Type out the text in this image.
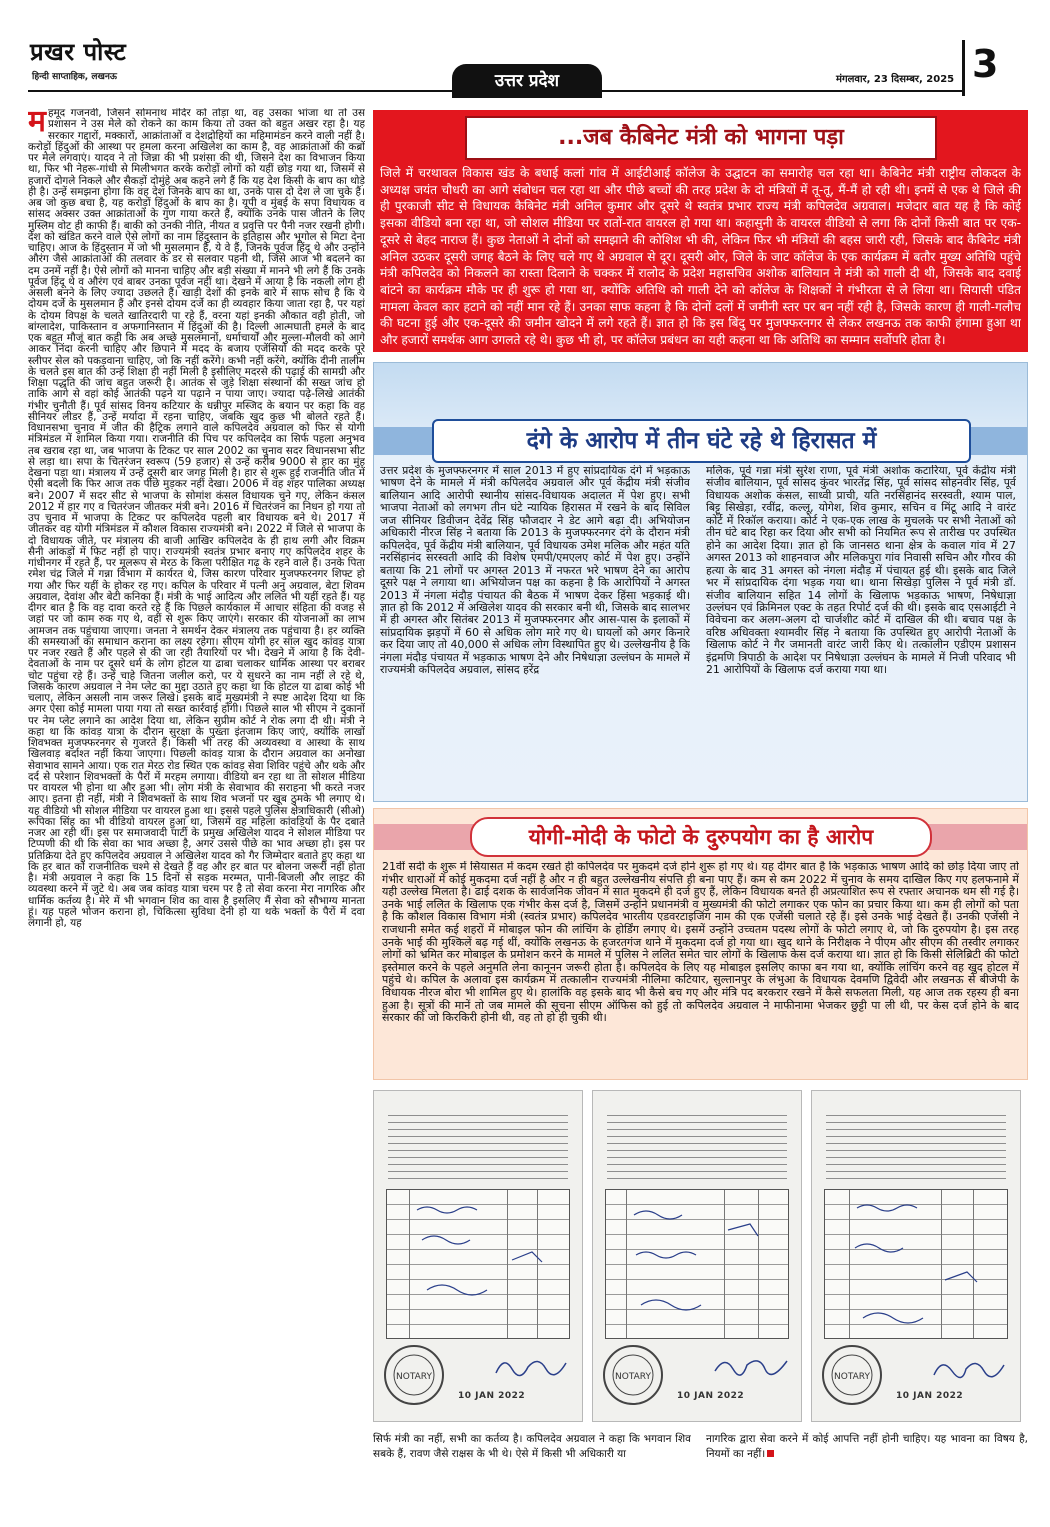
प्रखर पोस्ट
हिन्दी साप्ताहिक, लखनऊ	उत्तर प्रदेश	मंगलवार, 23 दिसम्बर, 2025 3
महमूद गजनवी, जिसने सोमनाथ मंदिर को तोड़ा था, वह उसका भांजा था तो उस प्रशासन ने उस मेले को रोकने का काम किया तो उक्त को बहुत अखर रहा है। यह सरकार गद्दारों, मक्कारों, आक्रांताओं व देशद्रोहियों का महिमामंडन करने वाली नहीं है। करोड़ों हिंदुओं की आस्था पर हमला करना अखिलेश का काम है, वह आक्रांताओं की कब्रों पर मेले लगवाएं। यादव ने तो जिन्ना की भी प्रशंसा की थी, जिसने देश का विभाजन किया था, फिर भी नेहरू-गांधी से मिलीभगत करके करोड़ों लोगों को यहीं छोड़ गया था, जिसमें से हजारों दोगले निकले और सैकड़ों दोमुंहे अब कहने लगे हैं कि यह देश किसी के बाप का थोड़े ही है। उन्हें समझना होगा कि वह देश जिनके बाप का था, उनके पास दो देश ले जा चुके हैं। अब जो कुछ बचा है, यह करोड़ों हिंदुओं के बाप का है। यूपी व मुंबई के सपा विधायक व सांसद अक्सर उक्त आक्रांताओं के गुण गाया करते हैं, क्योंकि उनके पास जीतने के लिए मुस्लिम वोट ही काफी हैं। बाकी को उनकी नीति, नीयत व प्रवृत्ति पर पैनी नजर रखनी होगी। देश को खंडित करने वाले ऐसे लोगों का नाम हिंदुस्तान के इतिहास और भूगोल से मिटा देना चाहिए। आज के हिंदुस्तान में जो भी मुसलमान हैं, ये वे हैं, जिनके पूर्वज हिंदू थे और उन्होंने औरंग जैसे आक्रांताओं की तलवार के डर से सलवार पहनी थी, जिसे आज भी बदलने का दम उनमें नहीं है। ऐसे लोगों को मानना चाहिए और बड़ी संख्या में मानने भी लगे हैं कि उनके पूर्वज हिंदू थे व औरंग एवं बाबर उनका पूर्वज नहीं था। देखने में आया है कि नकली लोग ही असली बनने के लिए ज्यादा उछलते हैं। खाड़ी देशों की इनके बारे में साफ सोच है कि ये दोयम दर्जे के मुसलमान हैं और इनसे दोयम दर्जे का ही व्यवहार किया जाता रहा है, पर यहां के दोयम विपक्ष के चलते खातिरदारी पा रहे हैं, वरना यहां इनकी औकात वही होती, जो बांग्लादेश, पाकिस्तान व अफगानिस्तान में हिंदुओं की है। दिल्ली आत्मघाती हमले के बाद एक बहुत मौजूं बात कही कि अब अच्छे मुसलमानों, धर्माचार्यों और मुल्ला-मौलवी को आगे आकर निंदा करनी चाहिए और छिपाने में मदद के बजाय एजेंसियों की मदद करके पूरे स्लीपर सेल को पकड़वाना चाहिए, जो कि नहीं करेंगे। कभी नहीं करेंगे, क्योंकि दीनी तालीम के चलते इस बात की उन्हें शिक्षा ही नहीं मिली है इसीलिए मदरसे की पढ़ाई की सामग्री और शिक्षा पद्धति की जांच बहुत जरूरी है। आतंक से जुड़े शिक्षा संस्थानों की सख्त जांच हो ताकि आगे से वहां कोई आतंकी पढ़ने या पढ़ाने न पाया जाए। ज्यादा पढ़े-लिखे आतंकी गंभीर चुनौती हैं। पूर्व सांसद विनय कटियार के धन्नीपुर मस्जिद के बयान पर कहा कि वह सीनियर लीडर हैं, उन्हें मर्यादा में रहना चाहिए, जबकि खुद कुछ भी बोलते रहते हैं। विधानसभा चुनाव में जीत की हैट्रिक लगाने वाले कपिलदेव अग्रवाल को फिर से योगी मंत्रिमंडल में शामिल किया गया। राजनीति की पिच पर कपिलदेव का सिर्फ पहला अनुभव तब खराब रहा था, जब भाजपा के टिकट पर साल 2002 का चुनाव सदर विधानसभा सीट से लड़ा था। सपा के चितरंजन स्वरूप (59 हजार) से उन्हें करीब 9000 से हार का मुंह देखना पड़ा था। मंत्रालय में उन्हें दूसरी बार जगह मिली है। हार से शुरू हुई राजनीति जीत में ऐसी बदली कि फिर आज तक पीछे मुड़कर नहीं देखा। 2006 में वह शहर पालिका अध्यक्ष बने। 2007 में सदर सीट से भाजपा के सोमांश कंसल विधायक चुने गए, लेकिन कंसल 2012 में हार गए व चितरंजन जीतकर मंत्री बने। 2016 में चितरंजन का निधन हो गया तो उप चुनाव में भाजपा के टिकट पर कपिलदेव पहली बार विधायक बने थे। 2017 में जीतकर वह योगी मंत्रिमंडल में कौशल विकास राज्यमंत्री बने। 2022 में जिले से भाजपा के दो विधायक जीते, पर मंत्रालय की बाजी आखिर कपिलदेव के ही हाथ लगी और विक्रम सैनी आंकड़ों में फिट नहीं हो पाए। राज्यमंत्री स्वतंत्र प्रभार बनाए गए कपिलदेव शहर के गांधीनगर में रहते हैं, पर मूलरूप से मेरठ के किला परीक्षित गढ़ के रहने वाले हैं। उनके पिता रमेश चंद्र जिले में गन्ना विभाग में कार्यरत थे, जिस कारण परिवार मुजफ्फरनगर शिफ्ट हो गया और फिर यहीं के होकर रह गए। कपिल के परिवार में पत्नी अनु अग्रवाल, बेटा शिवम अग्रवाल, देवांश और बेटी कनिका हैं। मंत्री के भाई आदित्य और ललित भी यहीं रहते हैं। यह दीगर बात है कि वह दावा करते रहे हैं कि पिछले कार्यकाल में आचार संहिता की वजह से जहां पर जो काम रुक गए थे, वहीं से शुरू किए जाएंगे। सरकार की योजनाओं का लाभ आमजन तक पहुंचाया जाएगा। जनता ने समर्थन देकर मंत्रालय तक पहुंचाया है। हर व्यक्ति की समस्याओं का समाधान कराना का लक्ष्य रहेगा। सीएम योगी हर साल खुद कांवड़ यात्रा पर नजर रखते हैं और पहले से की जा रही तैयारियों पर भी। देखने में आया है कि देवी-देवताओं के नाम पर दूसरे धर्म के लोग होटल या ढाबा चलाकर धार्मिक आस्था पर बराबर चोट पहुंचा रहे हैं। उन्हें चाहे जितना जलील करो, पर ये सुधरने का नाम नहीं ले रहे थे, जिसके कारण अग्रवाल ने नेम प्लेट का मुद्दा उठाते हुए कहा था कि होटल या ढाबा कोई भी चलाए, लेकिन असली नाम जरूर लिखे। इसके बाद मुख्यमंत्री ने स्पष्ट आदेश दिया था कि अगर ऐसा कोई मामला पाया गया तो सख्त कार्रवाई होगी। पिछले साल भी सीएम ने दुकानों पर नेम प्लेट लगाने का आदेश दिया था, लेकिन सुप्रीम कोर्ट ने रोक लगा दी थी। मंत्री ने कहा था कि कांवड़ यात्रा के दौरान सुरक्षा के पुख्ता इंतजाम किए जाएं, क्योंकि लाखों शिवभक्त मुजफ्फरनगर से गुजरते हैं। किसी भी तरह की अव्यवस्था व आस्था के साथ खिलवाड़ बर्दाश्त नहीं किया जाएगा। पिछली कांवड़ यात्रा के दौरान अग्रवाल का अनोखा सेवाभाव सामने आया। एक रात मेरठ रोड स्थित एक कांवड़ सेवा शिविर पहुंचे और थके और दर्द से परेशान शिवभक्तों के पैरों में मरहम लगाया। वीडियो बन रहा था तो सोशल मीडिया पर वायरल भी होना था और हुआ भी। लोग मंत्री के सेवाभाव की सराहना भी करते नजर आए। इतना ही नहीं, मंत्री ने शिवभक्तों के साथ शिव भजनों पर खूब ठुमके भी लगाए थे। यह वीडियो भी सोशल मीडिया पर वायरल हुआ था। इससे पहले पुलिस क्षेत्राधिकारी (सीओ) रूपिका सिंह का भी वीडियो वायरल हुआ था, जिसमें वह महिला कांवड़ियों के पैर दबाते नजर आ रही थीं। इस पर समाजवादी पार्टी के प्रमुख अखिलेश यादव ने सोशल मीडिया पर टिप्पणी की थी कि सेवा का भाव अच्छा है, अगर उससे पीछे का भाव अच्छा हो। इस पर प्रतिक्रिया देते हुए कपिलदेव अग्रवाल ने अखिलेश यादव को गैर जिम्मेदार बताते हुए कहा था कि हर बात को राजनीतिक चश्मे से देखते हैं वह और हर बात पर बोलना जरूरी नहीं होता है। मंत्री अग्रवाल ने कहा कि 15 दिनों से सड़क मरम्मत, पानी-बिजली और लाइट की व्यवस्था करने में जुटे थे। अब जब कांवड़ यात्रा चरम पर है तो सेवा करना मेरा नागरिक और धार्मिक कर्तव्य है। मेरे में भी भगवान शिव का वास है इसलिए मैं सेवा को सौभाग्य मानता हूं। यह पहले भोजन कराना हो, चिकित्सा सुविधा देनी हो या थके भक्तों के पैरों में दवा लगानी हो, यह
...जब कैबिनेट मंत्री को भागना पड़ा
जिले में चरथावल विकास खंड के बधाई कलां गांव में आईटीआई कॉलेज के उद्घाटन का समारोह चल रहा था। कैबिनेट मंत्री राष्ट्रीय लोकदल के अध्यक्ष जयंत चौधरी का आगे संबोधन चल रहा था और पीछे बच्चों की तरह प्रदेश के दो मंत्रियों में तू-तू, मैं-मैं हो रही थी। इनमें से एक थे जिले की ही पुरकाजी सीट से विधायक कैबिनेट मंत्री अनिल कुमार और दूसरे थे स्वतंत्र प्रभार राज्य मंत्री कपिलदेव अग्रवाल। मजेदार बात यह है कि कोई इसका वीडियो बना रहा था, जो सोशल मीडिया पर रातों-रात वायरल हो गया था। कहासुनी के वायरल वीडियो से लगा कि दोनों किसी बात पर एक-दूसरे से बेहद नाराज हैं। कुछ नेताओं ने दोनों को समझाने की कोशिश भी की, लेकिन फिर भी मंत्रियों की बहस जारी रही, जिसके बाद कैबिनेट मंत्री अनिल उठकर दूसरी जगह बैठने के लिए चले गए थे अग्रवाल से दूर। दूसरी ओर, जिले के जाट कॉलेज के एक कार्यक्रम में बतौर मुख्य अतिथि पहुंचे मंत्री कपिलदेव को निकलने का रास्ता दिलाने के चक्कर में रालोद के प्रदेश महासचिव अशोक बालियान ने मंत्री को गाली दी थी, जिसके बाद दवाई बांटने का कार्यक्रम मौके पर ही शुरू हो गया था, क्योंकि अतिथि को गाली देने को कॉलेज के शिक्षकों ने गंभीरता से ले लिया था। सियासी पंडित मामला केवल कार हटाने को नहीं मान रहे हैं। उनका साफ कहना है कि दोनों दलों में जमीनी स्तर पर बन नहीं रही है, जिसके कारण ही गाली-गलौच की घटना हुई और एक-दूसरे की जमीन खोदने में लगे रहते हैं। ज्ञात हो कि इस बिंदु पर मुजफ्फरनगर से लेकर लखनऊ तक काफी हंगामा हुआ था और हजारों समर्थक आग उगलते रहे थे। कुछ भी हो, पर कॉलेज प्रबंधन का यही कहना था कि अतिथि का सम्मान सर्वोपरि होता है।
दंगे के आरोप में तीन घंटे रहे थे हिरासत में
उत्तर प्रदेश के मुजफ्फरनगर में साल 2013 में हुए सांप्रदायिक दंगे में भड़काऊ भाषण देने के मामले में मंत्री कपिलदेव अग्रवाल और पूर्व केंद्रीय मंत्री संजीव बालियान आदि आरोपी स्थानीय सांसद-विधायक अदालत में पेश हुए। सभी भाजपा नेताओं को लगभग तीन घंटे न्यायिक हिरासत में रखने के बाद सिविल जज सीनियर डिवीजन देवेंद्र सिंह फौजदार ने डेट आगे बढ़ा दी। अभियोजन अधिकारी नीरज सिंह ने बताया कि 2013 के मुजफ्फरनगर दंगे के दौरान मंत्री कपिलदेव, पूर्व केंद्रीय मंत्री बालियान, पूर्व विधायक उमेश मलिक और महंत यति नरसिंहानंद सरस्वती आदि की विशेष एमपी/एमएलए कोर्ट में पेश हुए। उन्होंने बताया कि 21 लोगों पर अगस्त 2013 में नफरत भरे भाषण देने का आरोप दूसरे पक्ष ने लगाया था। अभियोजन पक्ष का कहना है कि आरोपियों ने अगस्त 2013 में नंगला मंदौड़ पंचायत की बैठक में भाषण देकर हिंसा भड़काई थी। ज्ञात हो कि 2012 में अखिलेश यादव की सरकार बनी थी, जिसके बाद सालभर में ही अगस्त और सितंबर 2013 में मुजफ्फरनगर और आस-पास के इलाकों में सांप्रदायिक झड़पों में 60 से अधिक लोग मारे गए थे। घायलों को अगर किनारे कर दिया जाए तो 40,000 से अधिक लोग विस्थापित हुए थे। उल्लेखनीय है कि नंगला मंदौड़ पंचायत में भड़काऊ भाषण देने और निषेधाज्ञा उल्लंघन के मामले में राज्यमंत्री कपिलदेव अग्रवाल, सांसद हरेंद्र
मलिक, पूर्व गन्ना मंत्री सुरेश राणा, पूर्व मंत्री अशोक कटारिया, पूर्व केंद्रीय मंत्री संजीव बालियान, पूर्व सांसद कुंवर भारतेंद्र सिंह, पूर्व सांसद सोहनवीर सिंह, पूर्व विधायक अशोक कंसल, साध्वी प्राची, यति नरसिंहानंद सरस्वती, श्याम पाल, बिट्टू सिखेड़ा, रवींद्र, कल्लू, योगेश, शिव कुमार, सचिन व मिंटू आदि ने वारंट कोर्ट में रिकॉल कराया। कोर्ट ने एक-एक लाख के मुचलके पर सभी नेताओं को तीन घंटे बाद रिहा कर दिया और सभी को नियमित रूप से तारीख पर उपस्थित होने का आदेश दिया। ज्ञात हो कि जानसठ थाना क्षेत्र के कवाल गांव में 27 अगस्त 2013 को शाहनवाज और मलिकपुरा गांव निवासी सचिन और गौरव की हत्या के बाद 31 अगस्त को नंगला मंदौड़ में पंचायत हुई थी। इसके बाद जिले भर में सांप्रदायिक दंगा भड़क गया था। थाना सिखेड़ा पुलिस ने पूर्व मंत्री डॉ. संजीव बालियान सहित 14 लोगों के खिलाफ भड़काऊ भाषण, निषेधाज्ञा उल्लंघन एवं क्रिमिनल एक्ट के तहत रिपोर्ट दर्ज की थी। इसके बाद एसआईटी ने विवेचना कर अलग-अलग दो चार्जशीट कोर्ट में दाखिल की थी। बचाव पक्ष के वरिष्ठ अधिवक्ता श्यामवीर सिंह ने बताया कि उपस्थित हुए आरोपी नेताओं के खिलाफ कोर्ट ने गैर जमानती वारंट जारी किए थे। तत्कालीन एडीएम प्रशासन इंद्रमणि त्रिपाठी के आदेश पर निषेधाज्ञा उल्लंघन के मामले में निजी परिवाद भी 21 आरोपियों के खिलाफ दर्ज कराया गया था।
योगी-मोदी के फोटो के दुरुपयोग का है आरोप
21वीं सदी के शुरू में सियासत में कदम रखते ही कपिलदेव पर मुकदमे दर्ज होने शुरू हो गए थे। यह दीगर बात है कि भड़काऊ भाषण आदि को छोड़ दिया जाए तो गंभीर धाराओं में कोई मुकदमा दर्ज नहीं है और न ही बहुत उल्लेखनीय संपत्ति ही बना पाए हैं। कम से कम 2022 में चुनाव के समय दाखिल किए गए हलफनामे में यही उल्लेख मिलता है। ढाई दशक के सार्वजनिक जीवन में सात मुकदमे ही दर्ज हुए हैं, लेकिन विधायक बनते ही अप्रत्याशित रूप से रफ्तार अचानक थम सी गई है। उनके भाई ललित के खिलाफ एक गंभीर केस दर्ज है, जिसमें उन्होंने प्रधानमंत्री व मुख्यमंत्री की फोटो लगाकर एक फोन का प्रचार किया था। कम ही लोगों को पता है कि कौशल विकास विभाग मंत्री (स्वतंत्र प्रभार) कपिलदेव भारतीय एडवरटाइजिंग नाम की एक एजेंसी चलाते रहे हैं। इसे उनके भाई देखते हैं। उनकी एजेंसी ने राजधानी समेत कई शहरों में मोबाइल फोन की लांचिंग के होर्डिंग लगाए थे। इसमें उन्होंने उच्चतम पदस्थ लोगों के फोटो लगाए थे, जो कि दुरुपयोग है। इस तरह उनके भाई की मुश्किलें बढ़ गई थीं, क्योंकि लखनऊ के हजरतगंज थाने में मुकदमा दर्ज हो गया था। खुद थाने के निरीक्षक ने पीएम और सीएम की तस्वीर लगाकर लोगों को भ्रमित कर मोबाइल के प्रमोशन करने के मामले में पुलिस ने ललित समेत चार लोगों के खिलाफ केस दर्ज कराया था। ज्ञात हो कि किसी सेलिब्रिटी की फोटो इस्तेमाल करने के पहले अनुमति लेना कानूनन जरूरी होता है। कपिलदेव के लिए यह मोबाइल इसलिए काफा बन गया था, क्योंकि लांचिंग करने वह खुद होटल में पहुंचे थे। कपिल के अलावा इस कार्यक्रम में तत्कालीन राज्यमंत्री नीलिमा कटियार, सुल्तानपुर के लंभुआ के विधायक देवमणि द्विवेदी और लखनऊ से बीजेपी के विधायक नीरज बोरा भी शामिल हुए थे। हालांकि वह इसके बाद भी कैसे बच गए और मंत्रि पद बरकरार रखने में कैसे सफलता मिली, यह आज तक रहस्य ही बना हुआ है। सूत्रों की मानें तो जब मामले की सूचना सीएम ऑफिस को हुई तो कपिलदेव अग्रवाल ने माफीनामा भेजकर छुट्टी पा ली थी, पर केस दर्ज होने के बाद सरकार की जो किरकिरी होनी थी, वह तो हो ही चुकी थी।
NOTARY
10 JAN 2022
NOTARY
10 JAN 2022
NOTARY
10 JAN 2022
सिर्फ मंत्री का नहीं, सभी का कर्तव्य है। कपिलदेव अग्रवाल ने कहा कि भगवान शिव सबके हैं, रावण जैसे राक्षस के भी थे। ऐसे में किसी भी अधिकारी या
नागरिक द्वारा सेवा करने में कोई आपत्ति नहीं होनी चाहिए। यह भावना का विषय है, नियमों का नहीं।
